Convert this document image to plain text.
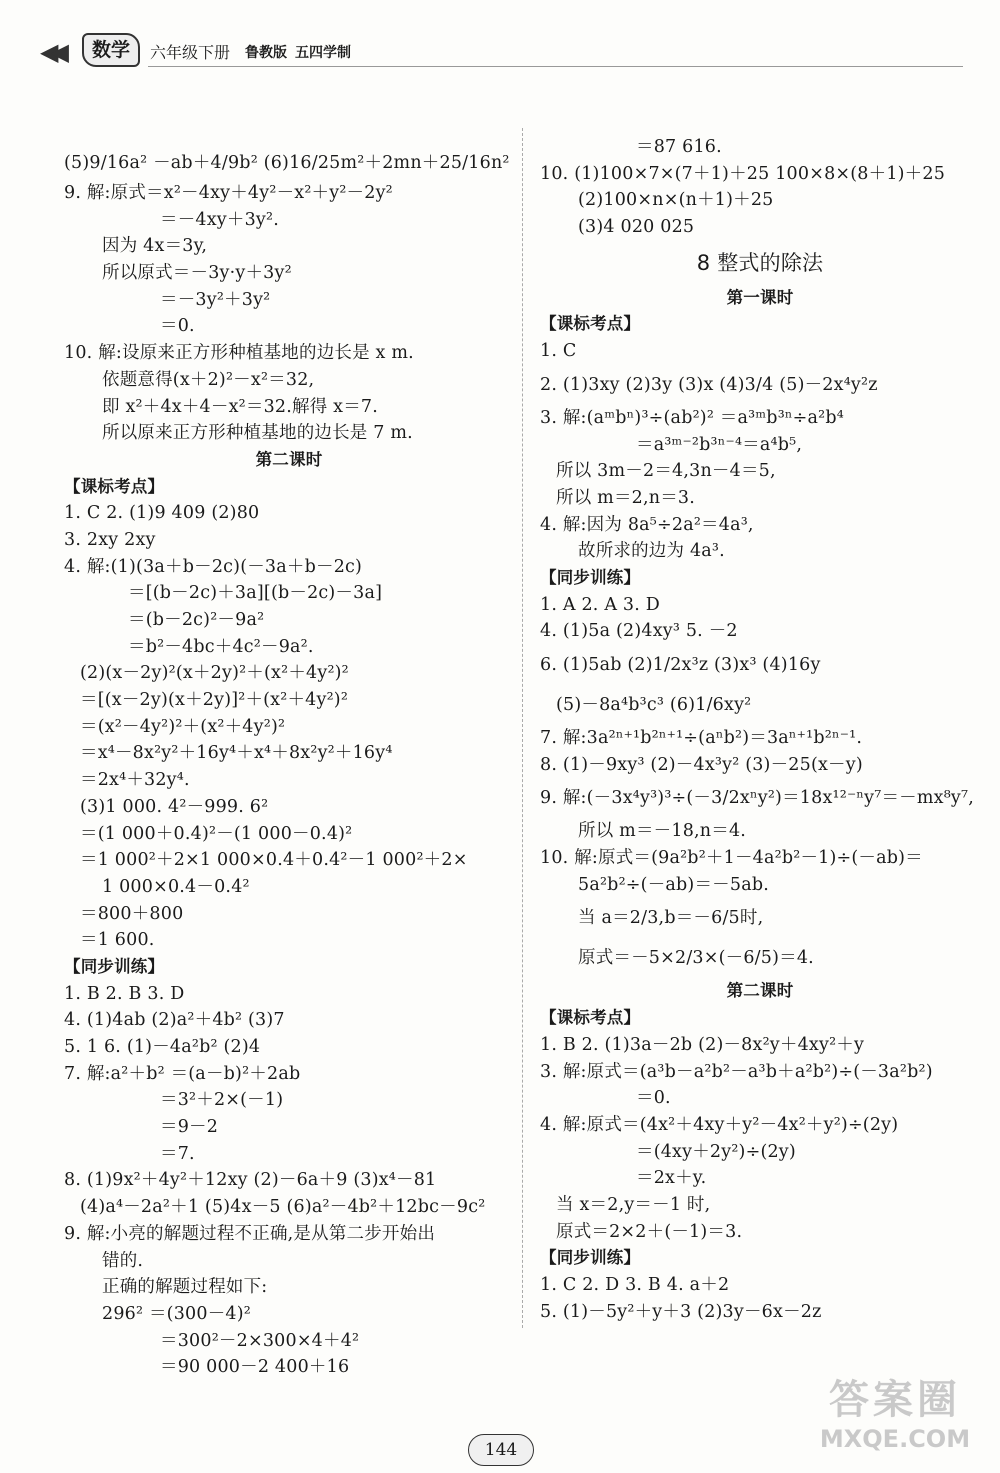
◀◀	数学	六年级下册 鲁教版 五四学制
(5)9/16a² －ab＋4/9b² (6)16/25m²＋2mn＋25/16n²
9. 解:原式＝x²－4xy＋4y²－x²＋y²－2y²
＝－4xy＋3y².
因为 4x＝3y,
所以原式＝－3y·y＋3y²
＝－3y²＋3y²
＝0.
10. 解:设原来正方形种植基地的边长是 x m.
依题意得(x＋2)²－x²＝32,
即 x²＋4x＋4－x²＝32.解得 x＝7.
所以原来正方形种植基地的边长是 7 m.
第二课时
【课标考点】
1. C 2. (1)9 409 (2)80
3. 2xy 2xy
4. 解:(1)(3a＋b－2c)(－3a＋b－2c)
＝[(b－2c)＋3a][(b－2c)－3a]
＝(b－2c)²－9a²
＝b²－4bc＋4c²－9a².
(2)(x－2y)²(x＋2y)²＋(x²＋4y²)²
＝[(x－2y)(x＋2y)]²＋(x²＋4y²)²
＝(x²－4y²)²＋(x²＋4y²)²
＝x⁴－8x²y²＋16y⁴＋x⁴＋8x²y²＋16y⁴
＝2x⁴＋32y⁴.
(3)1 000. 4²－999. 6²
＝(1 000＋0.4)²－(1 000－0.4)²
＝1 000²＋2×1 000×0.4＋0.4²－1 000²＋2×
1 000×0.4－0.4²
＝800＋800
＝1 600.
【同步训练】
1. B 2. B 3. D
4. (1)4ab (2)a²＋4b² (3)7
5. 1 6. (1)－4a²b² (2)4
7. 解:a²＋b² ＝(a－b)²＋2ab
＝3²＋2×(－1)
＝9－2
＝7.
8. (1)9x²＋4y²＋12xy (2)－6a＋9 (3)x⁴－81
(4)a⁴－2a²＋1 (5)4x－5 (6)a²－4b²＋12bc－9c²
9. 解:小亮的解题过程不正确,是从第二步开始出
错的.
正确的解题过程如下:
296² ＝(300－4)²
＝300²－2×300×4＋4²
＝90 000－2 400＋16
＝87 616.
10. (1)100×7×(7＋1)＋25 100×8×(8＋1)＋25
(2)100×n×(n＋1)＋25
(3)4 020 025
8 整式的除法
第一课时
【课标考点】
1. C
2. (1)3xy (2)3y (3)x (4)3/4 (5)－2x⁴y²z
3. 解:(aᵐbⁿ)³÷(ab²)² ＝a³ᵐb³ⁿ÷a²b⁴
＝a³ᵐ⁻²b³ⁿ⁻⁴＝a⁴b⁵,
所以 3m－2＝4,3n－4＝5,
所以 m＝2,n＝3.
4. 解:因为 8a⁵÷2a²＝4a³,
故所求的边为 4a³.
【同步训练】
1. A 2. A 3. D
4. (1)5a (2)4xy³ 5. －2
6. (1)5ab (2)1/2x³z (3)x³ (4)16y
(5)－8a⁴b³c³ (6)1/6xy²
7. 解:3a²ⁿ⁺¹b²ⁿ⁺¹÷(aⁿb²)＝3aⁿ⁺¹b²ⁿ⁻¹.
8. (1)－9xy³ (2)－4x³y² (3)－25(x－y)
9. 解:(－3x⁴y³)³÷(－3/2xⁿy²)＝18x¹²⁻ⁿy⁷＝－mx⁸y⁷,
所以 m＝－18,n＝4.
10. 解:原式＝(9a²b²＋1－4a²b²－1)÷(－ab)＝
5a²b²÷(－ab)＝－5ab.
当 a＝2/3,b＝－6/5时,
原式＝－5×2/3×(－6/5)＝4.
第二课时
【课标考点】
1. B 2. (1)3a－2b (2)－8x²y＋4xy²＋y
3. 解:原式＝(a³b－a²b²－a³b＋a²b²)÷(－3a²b²)
＝0.
4. 解:原式＝(4x²＋4xy＋y²－4x²＋y²)÷(2y)
＝(4xy＋2y²)÷(2y)
＝2x＋y.
当 x＝2,y＝－1 时,
原式＝2×2＋(－1)＝3.
【同步训练】
1. C 2. D 3. B 4. a＋2
5. (1)－5y²＋y＋3 (2)3y－6x－2z
144
答案圈
MXQE.COM
